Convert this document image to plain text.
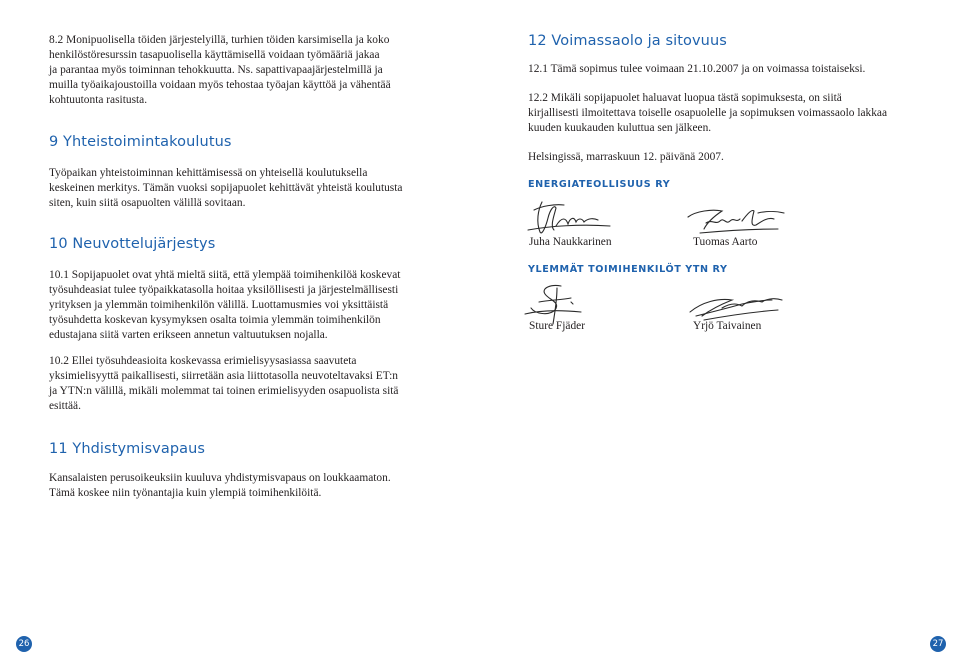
8.2 Monipuolisella töiden järjestelyillä, turhien töiden karsimisella ja koko
henkilöstöresurssin tasapuolisella käyttämisellä voidaan työmääriä jakaa
ja parantaa myös toiminnan tehokkuutta. Ns. sapattivapaajärjestelmillä ja
muilla työaikajoustoilla voidaan myös tehostaa työajan käyttöä ja vähentää
kohtuutonta rasitusta.

9 Yhteistoimintakoulutus

Työpaikan yhteistoiminnan kehittämisessä on yhteisellä koulutuksella
keskeinen merkitys. Tämän vuoksi sopijapuolet kehittävät yhteistä koulutusta
siten, kuin siitä osapuolten välillä sovitaan.

10 Neuvottelujärjestys

10.1 Sopijapuolet ovat yhtä mieltä siitä, että ylempää toimihenkilöä koskevat
työsuhdeasiat tulee työpaikkatasolla hoitaa yksilöllisesti ja järjestelmällisesti
yrityksen ja ylemmän toimihenkilön välillä. Luottamusmies voi yksittäistä
työsuhdetta koskevan kysymyksen osalta toimia ylemmän toimihenkilön
edustajana siitä varten erikseen annetun valtuutuksen nojalla.

10.2 Ellei työsuhdeasioita koskevassa erimielisyysasiassa saavuteta
yksimielisyyttä paikallisesti, siirretään asia liittotasolla neuvoteltavaksi ET:n
ja YTN:n välillä, mikäli molemmat tai toinen erimielisyyden osapuolista sitä
esittää.

11 Yhdistymisvapaus

Kansalaisten perusoikeuksiin kuuluva yhdistymisvapaus on loukkaamaton.
Tämä koskee niin työnantajia kuin ylempiä toimihenkilöitä.

26
12 Voimassaolo ja sitovuus

12.1 Tämä sopimus tulee voimaan 21.10.2007 ja on voimassa toistaiseksi.

12.2 Mikäli sopijapuolet haluavat luopua tästä sopimuksesta, on siitä
kirjallisesti ilmoitettava toiselle osapuolelle ja sopimuksen voimassaolo lakkaa
kuuden kuukauden kuluttua sen jälkeen.

Helsingissä, marraskuun 12. päivänä 2007.

ENERGIATEOLLISUUS RY
Juha Naukkarinen	Tuomas Aarto
YLEMMÄT TOIMIHENKILÖT YTN RY
Sture Fjäder	Yrjö Taivainen
27
